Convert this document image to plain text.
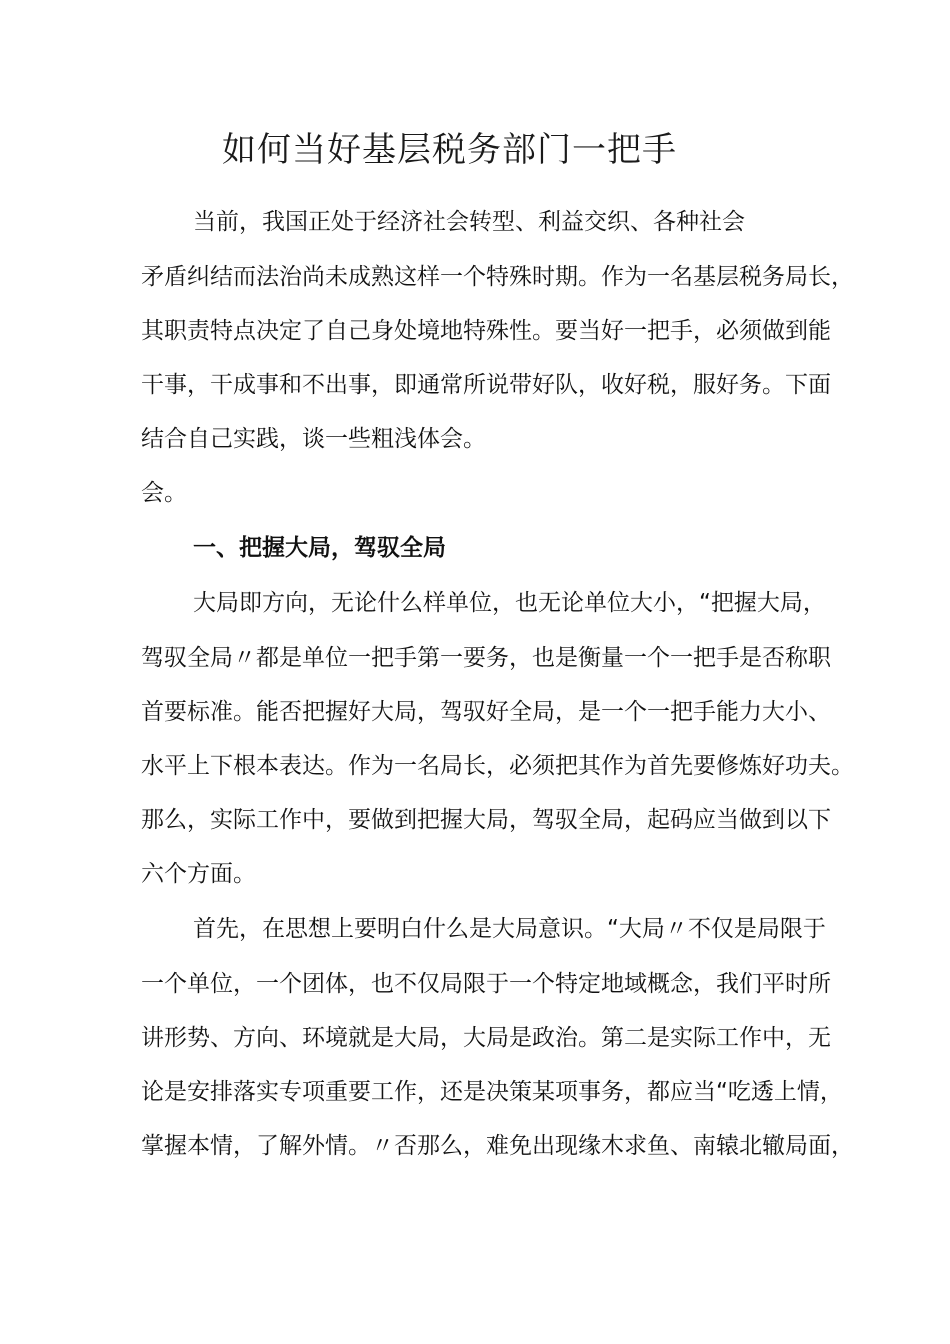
如何当好基层税务部门一把手
当前，我国正处于经济社会转型、利益交织、各种社会
矛盾纠结而法治尚未成熟这样一个特殊时期。作为一名基层税务局长，
其职责特点决定了自己身处境地特殊性。要当好一把手，必须做到能
干事，干成事和不出事，即通常所说带好队，收好税，服好务。下面
结合自己实践，谈一些粗浅体会。
会。
一、把握大局，驾驭全局
大局即方向，无论什么样单位，也无论单位大小，“把握大局，
驾驭全局〃都是单位一把手第一要务，也是衡量一个一把手是否称职
首要标准。能否把握好大局，驾驭好全局，是一个一把手能力大小、
水平上下根本表达。作为一名局长，必须把其作为首先要修炼好功夫。
那么，实际工作中，要做到把握大局，驾驭全局，起码应当做到以下
六个方面。
首先，在思想上要明白什么是大局意识。“大局〃不仅是局限于
一个单位，一个团体，也不仅局限于一个特定地域概念，我们平时所
讲形势、方向、环境就是大局，大局是政治。第二是实际工作中，无
论是安排落实专项重要工作，还是决策某项事务，都应当“吃透上情，
掌握本情，了解外情。〃否那么，难免出现缘木求鱼、南辕北辙局面，
